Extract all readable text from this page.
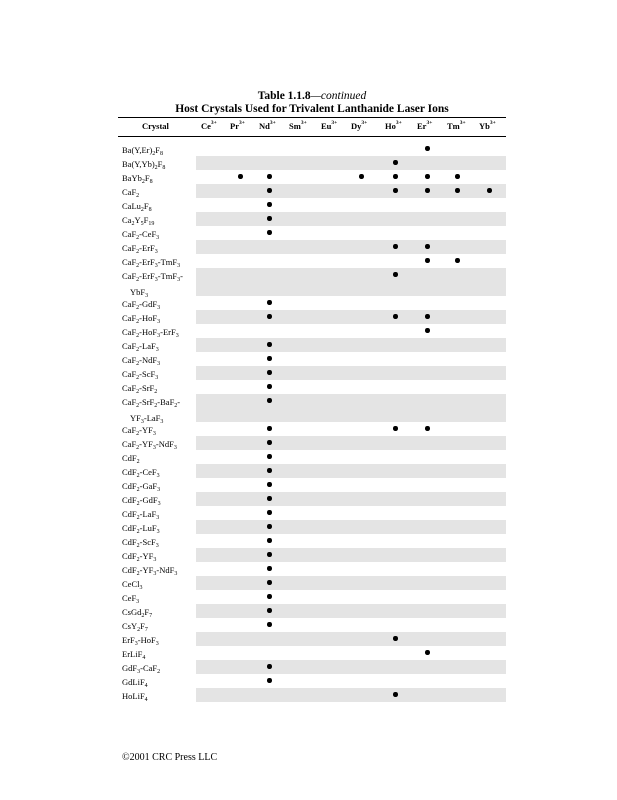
Table 1.1.8—continued
Host Crystals Used for Trivalent Lanthanide Laser Ions
Crystal	$Ce^{3+}$ $Pr^{3+}$ $Nd^{3+}$ $Sm^{3+}$ $Eu^{3+}$ $Dy^{3+}$ $Ho^{3+}$ $Er^{3+}$ $Tm^{3+}$ $Yb^{3+}$
$Ba(Y,Er)_2F_8$
$Ba(Y,Yb)_2F_8$
$BaYb_2F_8$
CaF$_2$
$CaLu_2F_8$
$Ca_2Y_5F_{19}$
CaF$_2$-CeF$_3$
CaF$_2$-ErF$_3$
CaF$_2$-ErF$_3$-TmF$_3$
CaF$_2$-ErF$_3$-TmF$_3$-
YbF$_3$
CaF$_2$-GdF$_3$
CaF$_2$-HoF$_3$
CaF$_2$-HoF$_3$-ErF$_3$
CaF$_2$-LaF$_3$
CaF$_2$-NdF$_3$
CaF$_2$-ScF$_3$
CaF$_2$-SrF$_2$
CaF$_2$-SrF$_2$-BaF$_2$-
$YF_3-LaF_3$
$CaF_2-YF_3$
$CaF_2-YF_3-NdF_3$
CdF$_2$
CdF$_2$-CeF$_3$
CdF$_2$-GaF$_3$
CdF$_2$-GdF$_3$
CdF$_2$-LaF$_3$
CdF$_2$-LuF$_3$
CdF$_2$-ScF$_3$
$CdF_2-YF_3$
$CdF_2-YF_3-NdF_3$
CeCl$_3$
CeF$_3$
$CsGd_2F_7$
$CsY_2F_7$
ErF$_3$-HoF$_3$
ErLiF$_4$
GdF$_3$-CaF$_2$
GdLiF$_4$
HoLiF$_4$
©2001 CRC Press LLC
